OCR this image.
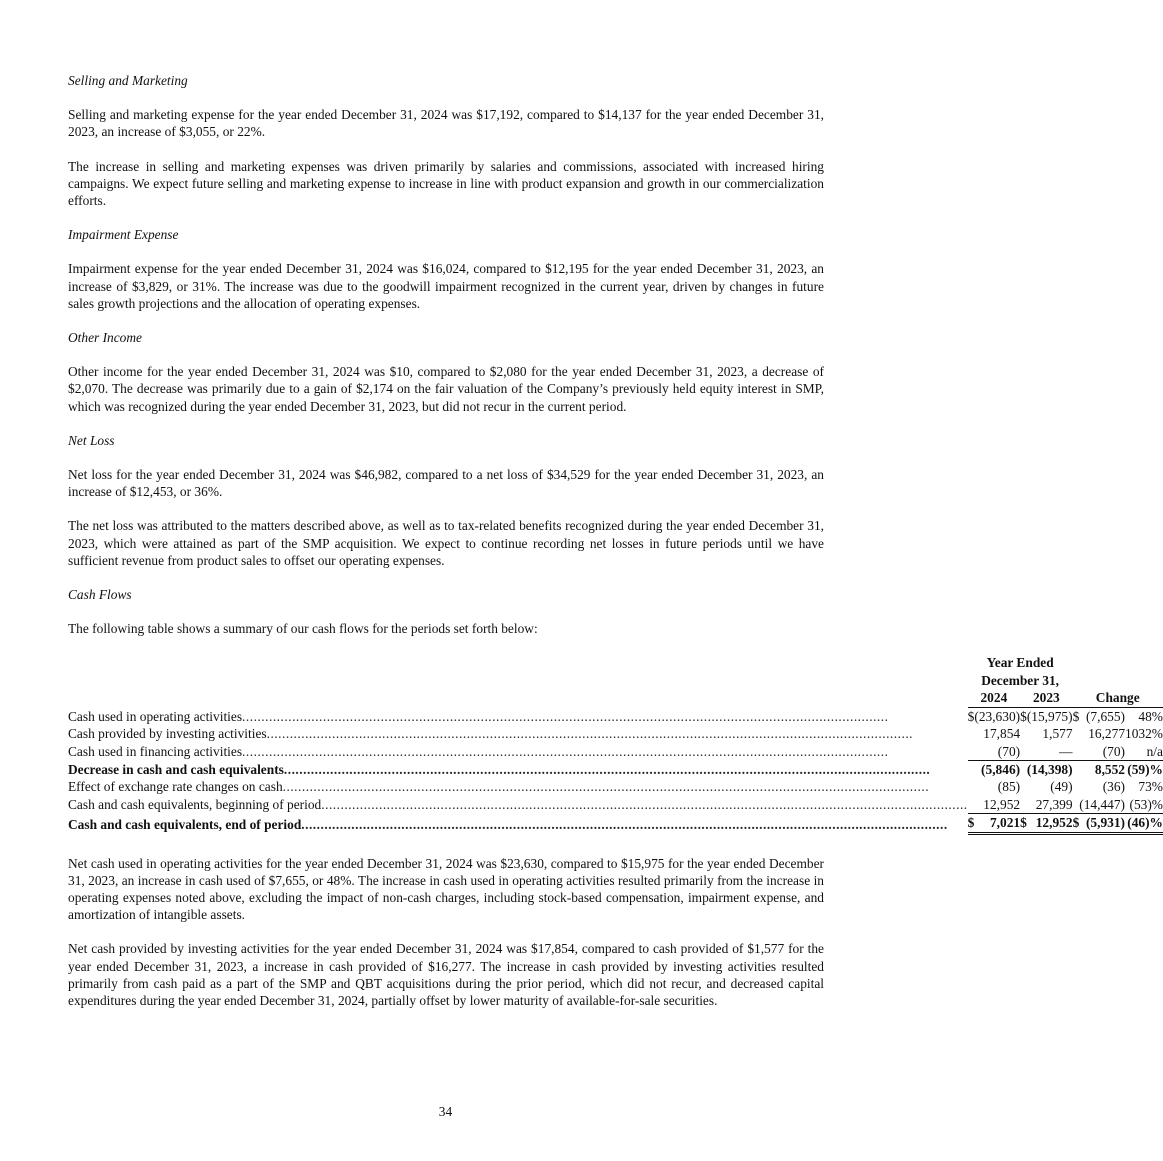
Selling and Marketing
Selling and marketing expense for the year ended December 31, 2024 was $17,192, compared to $14,137 for the year ended December 31, 2023, an increase of $3,055, or 22%.
The increase in selling and marketing expenses was driven primarily by salaries and commissions, associated with increased hiring campaigns. We expect future selling and marketing expense to increase in line with product expansion and growth in our commercialization efforts.
Impairment Expense
Impairment expense for the year ended December 31, 2024 was $16,024, compared to $12,195 for the year ended December 31, 2023, an increase of $3,829, or 31%. The increase was due to the goodwill impairment recognized in the current year, driven by changes in future sales growth projections and the allocation of operating expenses.
Other Income
Other income for the year ended December 31, 2024 was $10, compared to $2,080 for the year ended December 31, 2023, a decrease of $2,070. The decrease was primarily due to a gain of $2,174 on the fair valuation of the Company’s previously held equity interest in SMP, which was recognized during the year ended December 31, 2023, but did not recur in the current period.
Net Loss
Net loss for the year ended December 31, 2024 was $46,982, compared to a net loss of $34,529 for the year ended December 31, 2023, an increase of $12,453, or 36%.
The net loss was attributed to the matters described above, as well as to tax-related benefits recognized during the year ended December 31, 2023, which were attained as part of the SMP acquisition. We expect to continue recording net losses in future periods until we have sufficient revenue from product sales to offset our operating expenses.
Cash Flows
The following table shows a summary of our cash flows for the periods set forth below:
		Year Ended						
		December 31,						
		2024		2023		Change		

Cash used in operating activities
.....		$	(23,630)	$	(15,975)		$	(7,655)	48%

Cash provided by investing activities
.....			17,854		1,577			16,277	1032%

Cash used in financing activities
.....			(70)		—			(70)	n/a

Decrease in cash and cash equivalents
.....			(5,846)		(14,398)			8,552	(59)%

Effect of exchange rate changes on cash
.....			(85)		(49)			(36)	73%

Cash and cash equivalents, beginning of period
.....			12,952		27,399			(14,447)	(53)%

Cash and cash equivalents, end of period
.....		$	7,021	$	12,952		$	(5,931)	(46)%
Net cash used in operating activities for the year ended December 31, 2024 was $23,630, compared to $15,975 for the year ended December 31, 2023, an increase in cash used of $7,655, or 48%. The increase in cash used in operating activities resulted primarily from the increase in operating expenses noted above, excluding the impact of non-cash charges, including stock-based compensation, impairment expense, and amortization of intangible assets.
Net cash provided by investing activities for the year ended December 31, 2024 was $17,854, compared to cash provided of $1,577 for the year ended December 31, 2023, a increase in cash provided of $16,277. The increase in cash provided by investing activities resulted primarily from cash paid as a part of the SMP and QBT acquisitions during the prior period, which did not recur, and decreased capital expenditures during the year ended December 31, 2024, partially offset by lower maturity of available-for-sale securities.
34
